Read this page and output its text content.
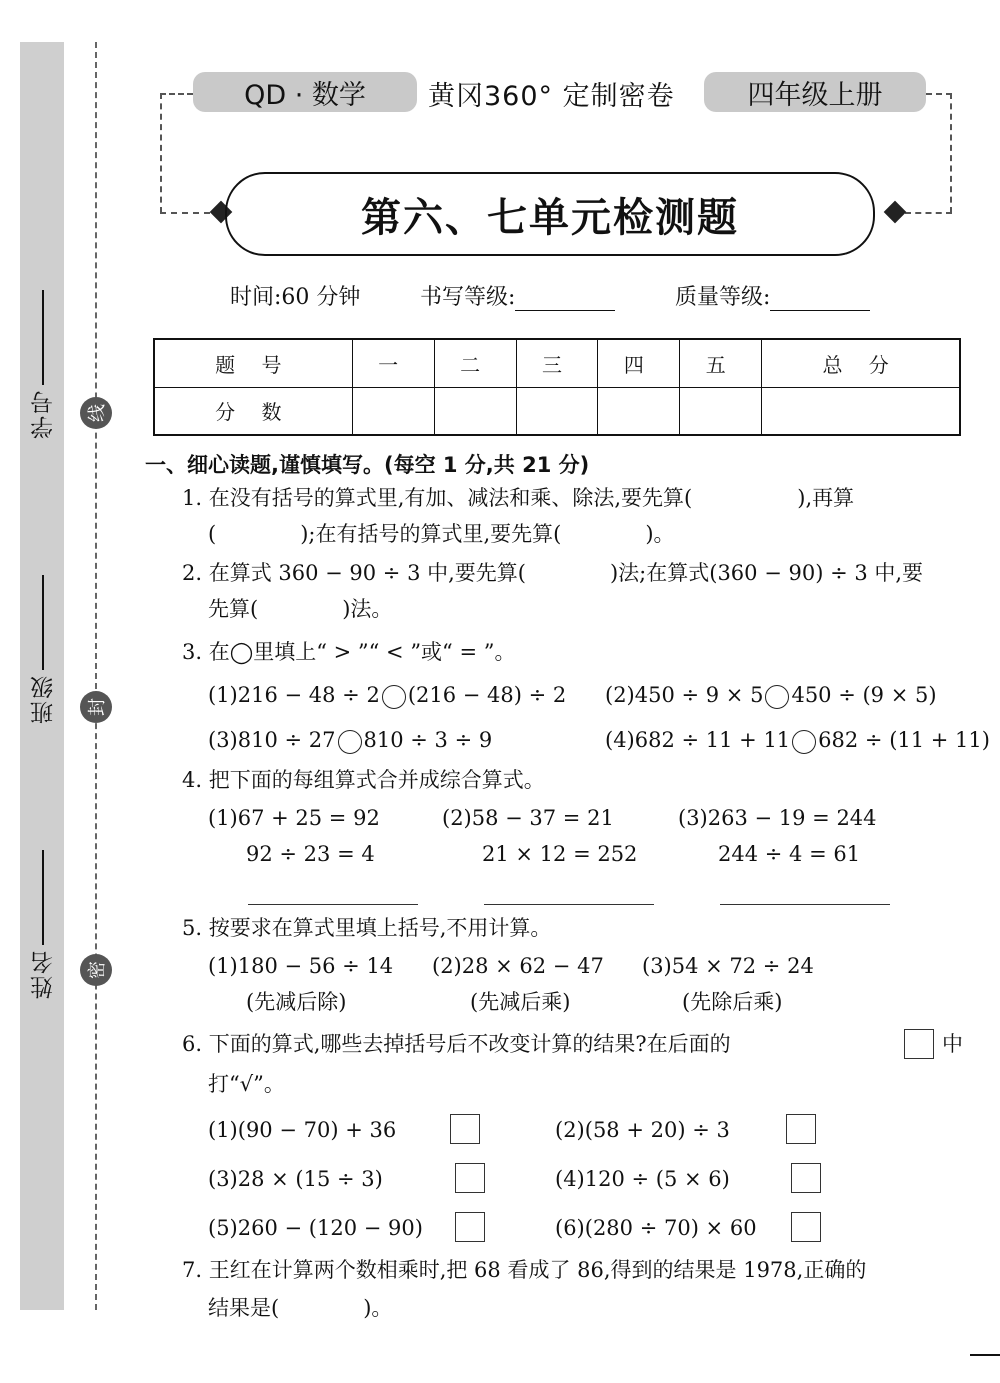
学号
班级
姓名
线
封
密
QD · 数学 黄冈360° 定制密卷	四年级上册
第六、七单元检测题
时间:60 分钟	书写等级:	质量等级:
题 号	一	二	三	四	五	总 分
分 数						
一、细心读题,谨慎填写。(每空 1 分,共 21 分)
1. 在没有括号的算式里,有加、减法和乘、除法,要先算(　　　　　),再算
(　　　　);在有括号的算式里,要先算(　　　　)。
2. 在算式 360 − 90 ÷ 3 中,要先算(　　　　)法;在算式(360 − 90) ÷ 3 中,要
先算(　　　　)法。
3. 在◯里填上“ > ”“ < ”或“ = ”。
(1)216 − 48 ÷ 2 (216 − 48) ÷ 2 (2)450 ÷ 9 × 5 450 ÷ (9 × 5)
(3)810 ÷ 27 810 ÷ 3 ÷ 9	(4)682 ÷ 11 + 11 682 ÷ (11 + 11)
4. 把下面的每组算式合并成综合算式。
(1)67 + 25 = 92
92 ÷ 23 = 4
(2)58 − 37 = 21
21 × 12 = 252
(3)263 − 19 = 244
244 ÷ 4 = 61
5. 按要求在算式里填上括号,不用计算。
(1)180 − 56 ÷ 14
(先减后除)
(2)28 × 62 − 47
(先减后乘)
(3)54 × 72 ÷ 24
(先除后乘)
6. 下面的算式,哪些去掉括号后不改变计算的结果?在后面的	中
打“√”。
(1)(90 − 70) + 36	(2)(58 + 20) ÷ 3
(3)28 × (15 ÷ 3)	(4)120 ÷ (5 × 6)
(5)260 − (120 − 90)	(6)(280 ÷ 70) × 60
7. 王红在计算两个数相乘时,把 68 看成了 86,得到的结果是 1978,正确的
结果是(　　　　)。
